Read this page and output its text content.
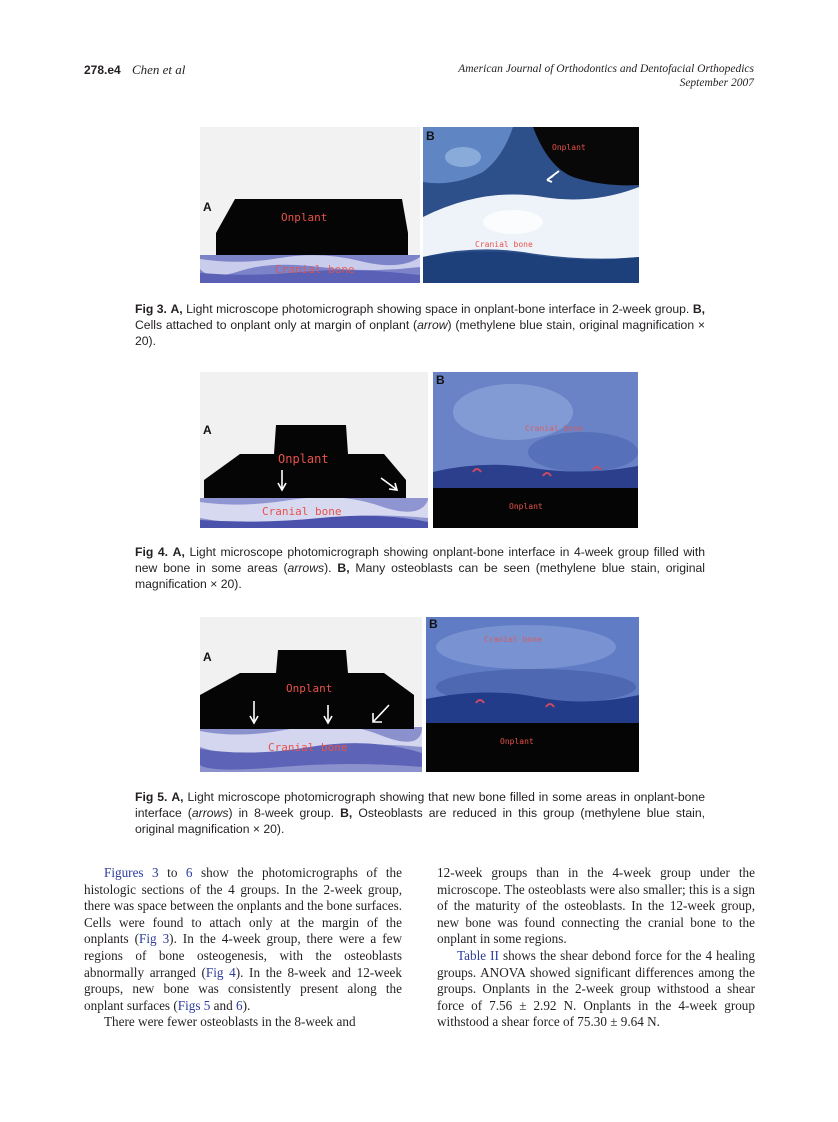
278.e4 Chen et al	American Journal of Orthodontics and Dentofacial Orthopedics
September 2007
A
Onplant
Cranial bone
B
Onplant
Cranial bone
Fig 3. A, Light microscope photomicrograph showing space in onplant-bone interface in 2-week group. B, Cells attached to onplant only at margin of onplant (arrow) (methylene blue stain, original magnification × 20).
A
Onplant
Cranial bone
B
Cranial bone
Onplant
Fig 4. A, Light microscope photomicrograph showing onplant-bone interface in 4-week group filled with new bone in some areas (arrows). B, Many osteoblasts can be seen (methylene blue stain, original magnification × 20).
A
Onplant
Cranial bone
B
Cranial bone
Onplant
Fig 5. A, Light microscope photomicrograph showing that new bone filled in some areas in onplant-bone interface (arrows) in 8-week group. B, Osteoblasts are reduced in this group (methylene blue stain, original magnification × 20).

Figures 3 to 6 show the photomicrographs of the histologic sections of the 4 groups. In the 2-week group, there was space between the onplants and the bone surfaces. Cells were found to attach only at the margin of the onplants (Fig 3). In the 4-week group, there were a few regions of bone osteogenesis, with the osteoblasts abnormally arranged (Fig 4). In the 8-week and 12-week groups, new bone was consistently present along the onplant surfaces (Figs 5 and 6).

There were fewer osteoblasts in the 8-week and

12-week groups than in the 4-week group under the microscope. The osteoblasts were also smaller; this is a sign of the maturity of the osteoblasts. In the 12-week group, new bone was found connecting the cranial bone to the onplant in some regions.

Table II shows the shear debond force for the 4 healing groups. ANOVA showed significant differences among the groups. Onplants in the 2-week group withstood a shear force of 7.56 ± 2.92 N. Onplants in the 4-week group withstood a shear force of 75.30 ± 9.64 N.
